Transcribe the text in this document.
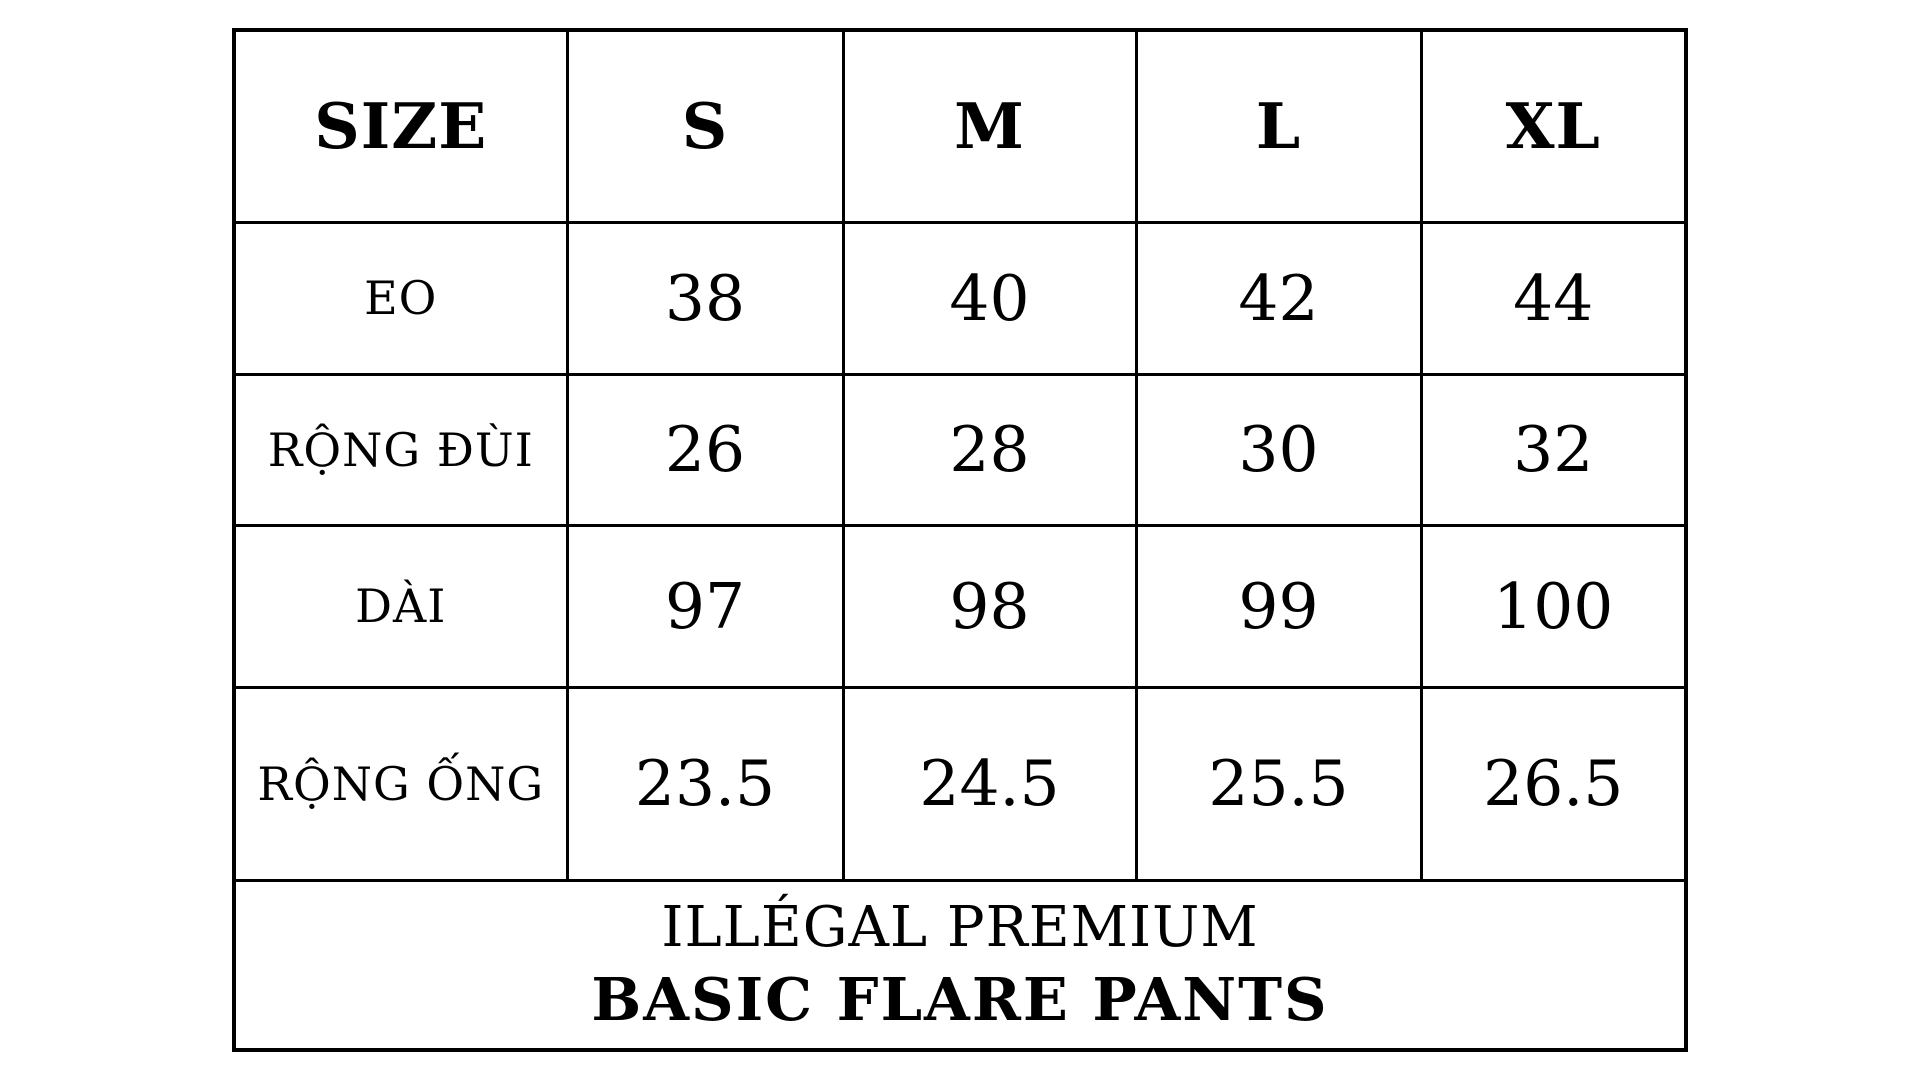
SIZE	S	M	L	XL
EO	38	40	42	44
RỘNG ĐÙI	26	28	30	32
DÀI	97	98	99	100
RỘNG ỐNG	23.5	24.5	25.5	26.5

ILLÉGAL PREMIUM
BASIC FLARE PANTS				
